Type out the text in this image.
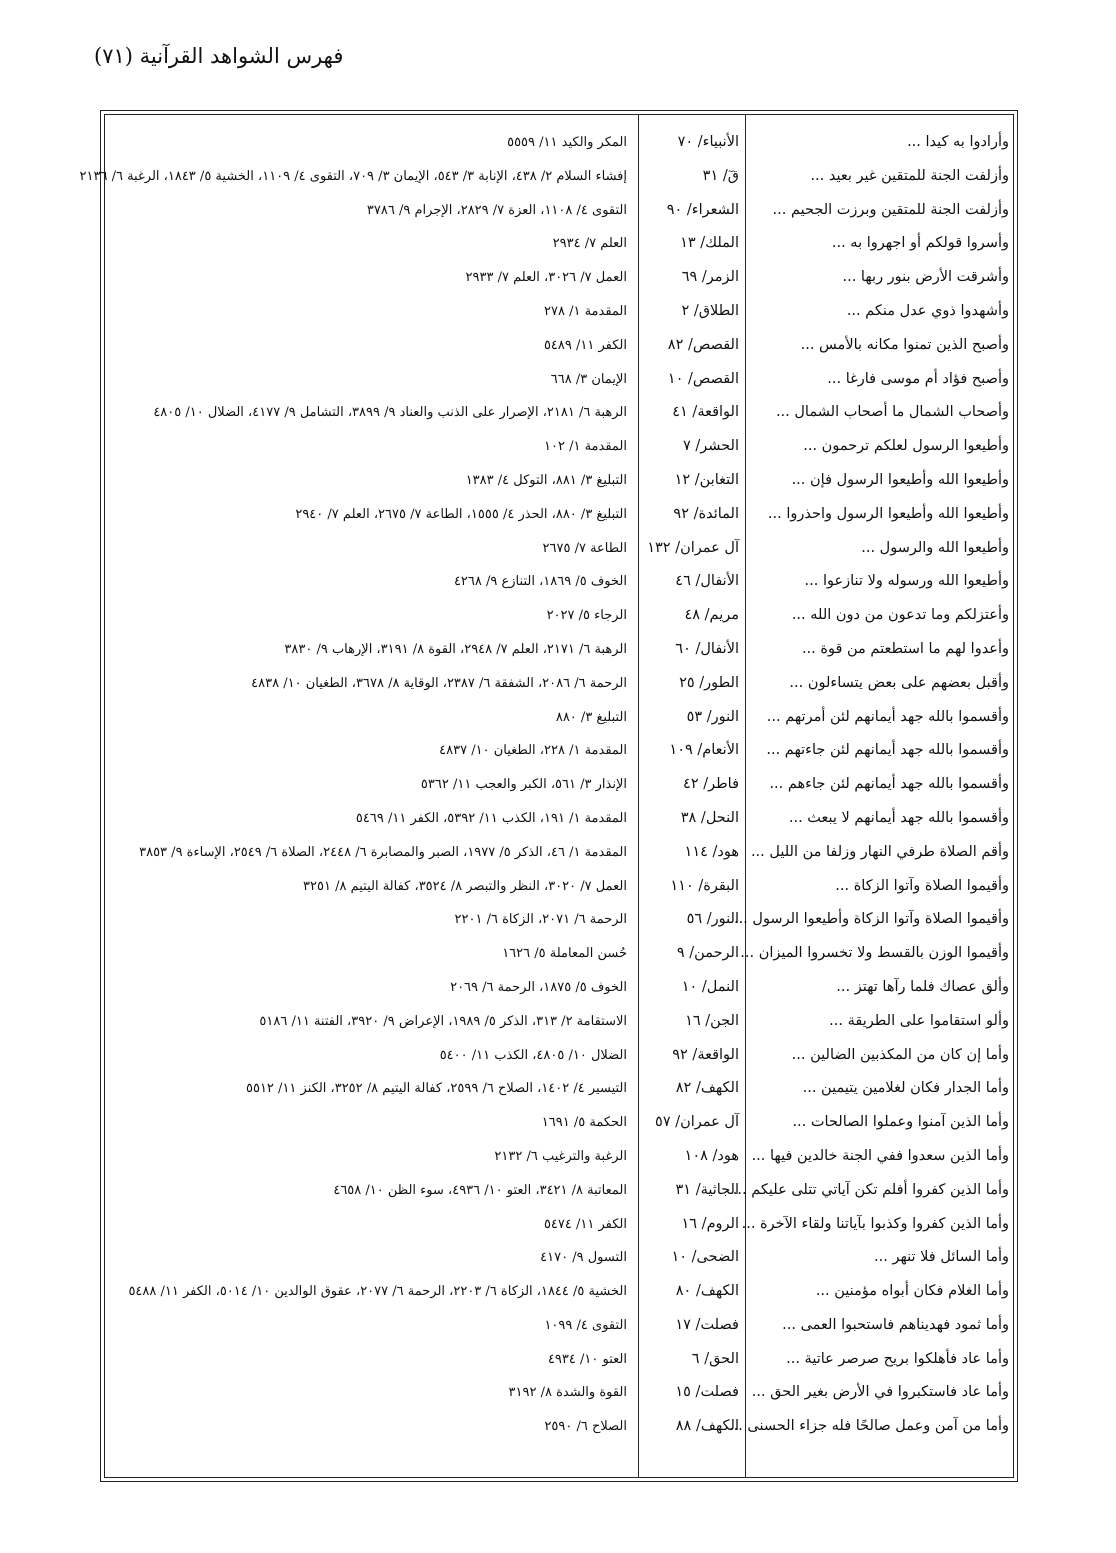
فهرس الشواهد القرآنية (٧١)
وأرادوا به كيدا ...
الأنبياء/ ٧٠
المكر والكيد ١١/ ٥٥٥٩
وأزلفت الجنة للمتقين غير بعيد ...
قٓ/ ٣١
إفشاء السلام ٢/ ٤٣٨، الإنابة ٣/ ٥٤٣، الإيمان ٣/ ٧٠٩، التقوى ٤/ ١١٠٩، الخشية ٥/ ١٨٤٣، الرغبة ٦/ ٢١٣٦
وأزلفت الجنة للمتقين وبرزت الجحيم ...
الشعراء/ ٩٠
التقوى ٤/ ١١٠٨، العزة ٧/ ٢٨٢٩، الإجرام ٩/ ٣٧٨٦
وأسروا قولكم أو اجهروا به ...
الملك/ ١٣
العلم ٧/ ٢٩٣٤
وأشرقت الأرض بنور ربها ...
الزمر/ ٦٩
العمل ٧/ ٣٠٢٦، العلم ٧/ ٢٩٣٣
وأشهدوا ذوي عدل منكم ...
الطلاق/ ٢
المقدمة ١/ ٢٧٨
وأصبح الذين تمنوا مكانه بالأمس ...
القصص/ ٨٢
الكفر ١١/ ٥٤٨٩
وأصبح فؤاد أم موسى فارغا ...
القصص/ ١٠
الإيمان ٣/ ٦٦٨
وأصحاب الشمال ما أصحاب الشمال ...
الواقعة/ ٤١
الرهبة ٦/ ٢١٨١، الإصرار على الذنب والعناد ٩/ ٣٨٩٩، التشامل ٩/ ٤١٧٧، الضلال ١٠/ ٤٨٠٥
وأطيعوا الرسول لعلكم ترحمون ...
الحشر/ ٧
المقدمة ١/ ١٠٢
وأطيعوا الله وأطيعوا الرسول فإن ...
التغابن/ ١٢
التبليغ ٣/ ٨٨١، التوكل ٤/ ١٣٨٣
وأطيعوا الله وأطيعوا الرسول واحذروا ...
المائدة/ ٩٢
التبليغ ٣/ ٨٨٠، الحذر ٤/ ١٥٥٥، الطاعة ٧/ ٢٦٧٥، العلم ٧/ ٢٩٤٠
وأطيعوا الله والرسول ...
آل عمران/ ١٣٢
الطاعة ٧/ ٢٦٧٥
وأطيعوا الله ورسوله ولا تنازعوا ...
الأنفال/ ٤٦
الخوف ٥/ ١٨٦٩، التنازع ٩/ ٤٢٦٨
وأعتزلكم وما تدعون من دون الله ...
مريم/ ٤٨
الرجاء ٥/ ٢٠٢٧
وأعدوا لهم ما استطعتم من قوة ...
الأنفال/ ٦٠
الرهبة ٦/ ٢١٧١، العلم ٧/ ٢٩٤٨، القوة ٨/ ٣١٩١، الإرهاب ٩/ ٣٨٣٠
وأقبل بعضهم على بعض يتساءلون ...
الطور/ ٢٥
الرحمة ٦/ ٢٠٨٦، الشفقة ٦/ ٢٣٨٧، الوقاية ٨/ ٣٦٧٨، الطغيان ١٠/ ٤٨٣٨
وأقسموا بالله جهد أيمانهم لئن أمرتهم ...
النور/ ٥٣
التبليغ ٣/ ٨٨٠
وأقسموا بالله جهد أيمانهم لئن جاءتهم ...
الأنعام/ ١٠٩
المقدمة ١/ ٢٢٨، الطغيان ١٠/ ٤٨٣٧
وأقسموا بالله جهد أيمانهم لئن جاءهم ...
فاطر/ ٤٢
الإنذار ٣/ ٥٦١، الكبر والعجب ١١/ ٥٣٦٢
وأقسموا بالله جهد أيمانهم لا يبعث ...
النحل/ ٣٨
المقدمة ١/ ١٩١، الكذب ١١/ ٥٣٩٢، الكفر ١١/ ٥٤٦٩
وأقم الصلاة طرفي النهار وزلفا من الليل ...
هود/ ١١٤
المقدمة ١/ ٤٦، الذكر ٥/ ١٩٧٧، الصبر والمصابرة ٦/ ٢٤٤٨، الصلاة ٦/ ٢٥٤٩، الإساءة ٩/ ٣٨٥٣
وأقيموا الصلاة وآتوا الزكاة ...
البقرة/ ١١٠
العمل ٧/ ٣٠٢٠، النظر والتبصر ٨/ ٣٥٢٤، كفالة اليتيم ٨/ ٣٢٥١
وأقيموا الصلاة وآتوا الزكاة وأطيعوا الرسول ...
النور/ ٥٦
الرحمة ٦/ ٢٠٧١، الزكاة ٦/ ٢٢٠١
وأقيموا الوزن بالقسط ولا تخسروا الميزان ...
الرحمن/ ٩
حُسن المعاملة ٥/ ١٦٢٦
وألق عصاك فلما رآها تهتز ...
النمل/ ١٠
الخوف ٥/ ١٨٧٥، الرحمة ٦/ ٢٠٦٩
وألو استقاموا على الطريقة ...
الجن/ ١٦
الاستقامة ٢/ ٣١٣، الذكر ٥/ ١٩٨٩، الإعراض ٩/ ٣٩٢٠، الفتنة ١١/ ٥١٨٦
وأما إن كان من المكذبين الضالين ...
الواقعة/ ٩٢
الضلال ١٠/ ٤٨٠٥، الكذب ١١/ ٥٤٠٠
وأما الجدار فكان لغلامين يتيمين ...
الكهف/ ٨٢
التيسير ٤/ ١٤٠٢، الصلاح ٦/ ٢٥٩٩، كفالة اليتيم ٨/ ٣٢٥٢، الكنز ١١/ ٥٥١٢
وأما الذين آمنوا وعملوا الصالحات ...
آل عمران/ ٥٧
الحكمة ٥/ ١٦٩١
وأما الذين سعدوا ففي الجنة خالدين فيها ...
هود/ ١٠٨
الرغبة والترغيب ٦/ ٢١٣٢
وأما الذين كفروا أفلم تكن آياتي تتلى عليكم ...
الجاثية/ ٣١
المعاتبة ٨/ ٣٤٢١، العتو ١٠/ ٤٩٣٦، سوء الظن ١٠/ ٤٦٥٨
وأما الذين كفروا وكذبوا بآياتنا ولقاء الآخرة ...
الروم/ ١٦
الكفر ١١/ ٥٤٧٤
وأما السائل فلا تنهر ...
الضحى/ ١٠
التسول ٩/ ٤١٧٠
وأما الغلام فكان أبواه مؤمنين ...
الكهف/ ٨٠
الخشية ٥/ ١٨٤٤، الزكاة ٦/ ٢٢٠٣، الرحمة ٦/ ٢٠٧٧، عقوق الوالدين ١٠/ ٥٠١٤، الكفر ١١/ ٥٤٨٨
وأما ثمود فهديناهم فاستحبوا العمى ...
فصلت/ ١٧
التقوى ٤/ ١٠٩٩
وأما عاد فأهلكوا بريح صرصر عاتية ...
الحق/ ٦
العتو ١٠/ ٤٩٣٤
وأما عاد فاستكبروا في الأرض بغير الحق ...
فصلت/ ١٥
القوة والشدة ٨/ ٣١٩٢
وأما من آمن وعمل صالحًا فله جزاء الحسنى ...
الكهف/ ٨٨
الصلاح ٦/ ٢٥٩٠
